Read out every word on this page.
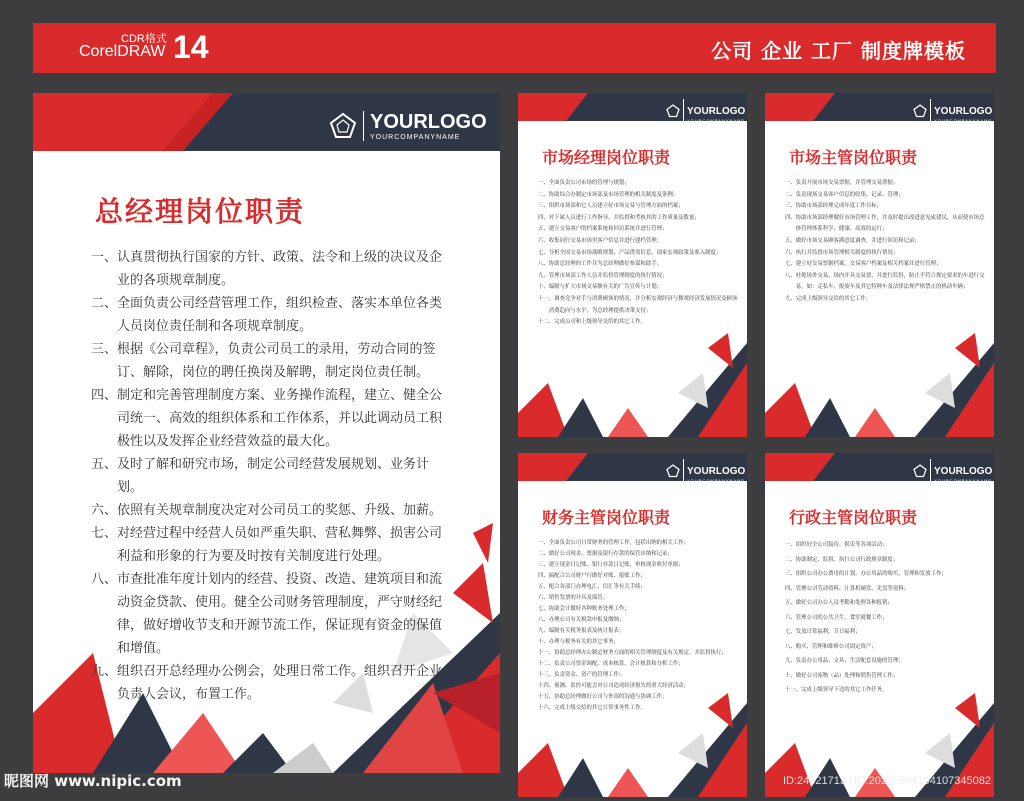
CDR格式
CorelDRAW 14	公司 企业 工厂 制度牌模板
YOURLOGO
YOURCOMPANYNAME
总经理岗位职责
一、认真贯彻执行国家的方针、政策、法令和上级的决议及企业的各项规章制度。
二、全面负责公司经营管理工作，组织检查、落实本单位各类人员岗位责任制和各项规章制度。
三、根据《公司章程》，负责公司员工的录用，劳动合同的签订、解除，岗位的聘任换岗及解聘，制定岗位责任制。
四、制定和完善管理制度方案、业务操作流程，建立、健全公司统一、高效的组织体系和工作体系，并以此调动员工积极性以及发挥企业经营效益的最大化。
五、及时了解和研究市场，制定公司经营发展规划、业务计划。
六、依照有关规章制度决定对公司员工的奖惩、升级、加薪。
七、对经营过程中经营人员如严重失职、营私舞弊、损害公司利益和形象的行为要及时按有关制度进行处理。
八、市查批准年度计划内的经营、投资、改造、建筑项目和流动资金贷款、使用。健全公司财务管理制度，严守财经纪律，做好增收节支和开源节流工作，保证现有资金的保值和增值。
九、组织召开总经理办公例会，处理日常工作。组织召开企业负责人会议，布置工作。
YOURLOGO
YOURCOMPANYNAME
市场经理岗位职责
一、全面负责公司市场的管理与规划；
二、协助综合办制定市场部及市场管理的相关制度及条例；
三、组织市场部和它人员建立好市场交易与管理方面的档案；
四、对下属人员进行工作指导，并监督和考核其的工作质量及数量；
五、建立交易客户的档案系统和回访系统并进行管理；
六、收集同行交易市场里客户信息并进行建档管理；
七、分析全国交易市场战略规划、产品供需信息、国家宏观政策及准入制度；
八、协助总经理的工作并为总经理做好参谋和助手；
九、管理市场部工作人员并监督管理制度的执行情况；
十、编制与扩大市场交易额有关的广告宣传与计划；
十一、调查竞争对手与消费顾客的情况，并分析宏观经济与微观经济发展情况及顾客消费趋向与水平，为总经理提供决策支持；
十二、完成公司和上级领导交给的其它工作。
YOURLOGO
YOURCOMPANYNAME
市场主管岗位职责
一、负责开展市场交易票据，并管理交易票据；
二、负责现场交易客户信息的收集、记录、管理；
三、协助市场部经理完成年度工作目标；
四、协助市场部经理做好市场管理工作，并及时提出改进意见或建议，从而使市场总体管理体系科学、健康、高效的运行；
五、做好市场交易顾客满意度调查，并进行回访和记录；
六、执行并监督市场管理相关制度的执行情况；
七、建立好交易票据档案，交易客户档案及相关档案并进行管理；
八、杜绝场外交易，场内开具交易票，并进行监督，防止不符合规定要求的车进行交易，如：走私车、报废车及其它特种车及法律法规严格禁止的机动车辆；
九、完成上级领导交给的其它工作。
YOURLOGO
YOURCOMPANYNAME
财务主管岗位职责
一、全面负责公司日常财务的管理工作，包括出纳的相关工作；
二、做好公司现金、票据及银行存款的保管出纳和记录；
三、建立现金日记账、银行存款日记账，审核现金收付单据；
四、搞配合公司财户行做好对账、报账工作；
五、配合各部门办理电汇、信汇等有关手续；
六、销售发票的开具及保管；
七、协助会计做好各种账务处理工作；
八、办理公司有关税款申报及缴纳；
九、编制有关税务报表及统计报表；
十、办理与税务有关的其它事务；
十一、协助总经理办公制定财务方面的相关管理制度及有关规定，并监督执行；
十二、负责公司资金调配、成本核算、会计核算和分析工作；
十三、负责资金、资产的管理工作；
十四、预测、监控可能会对公司造成经济损失的重大经济活动；
十五、协助总经理做好公司与外部的沟通与协调工作；
十六、完成上级交给的其它日常事务性工作。
YOURLOGO
YOURCOMPANYNAME
行政主管岗位职责
一、组织好全公司接待、娱乐等各项活动；
二、协助制定、监督、执行公司行政规章制度；
三、组织公司办公费用的计划、办公用品的购买、管理和发放工作；
四、管理公司劳动资料、计算机硬盘、光盘等资料；
五、做好公司办公人员考勤和处理各种报销；
六、管理公司的公共卫生、食堂就餐工作；
七、发放日常福利、节日福利；
八、购买、管理和维修公司固定资产；
九、负责办公用品、文具、生活配套设施的管理；
十、做好公司废物（品）处理和销售管理工作；
十一、完成上级领导下达的其它工作任务。
昵图网 www.nipic.com	ID:24321713 NO:20200804104107345082
